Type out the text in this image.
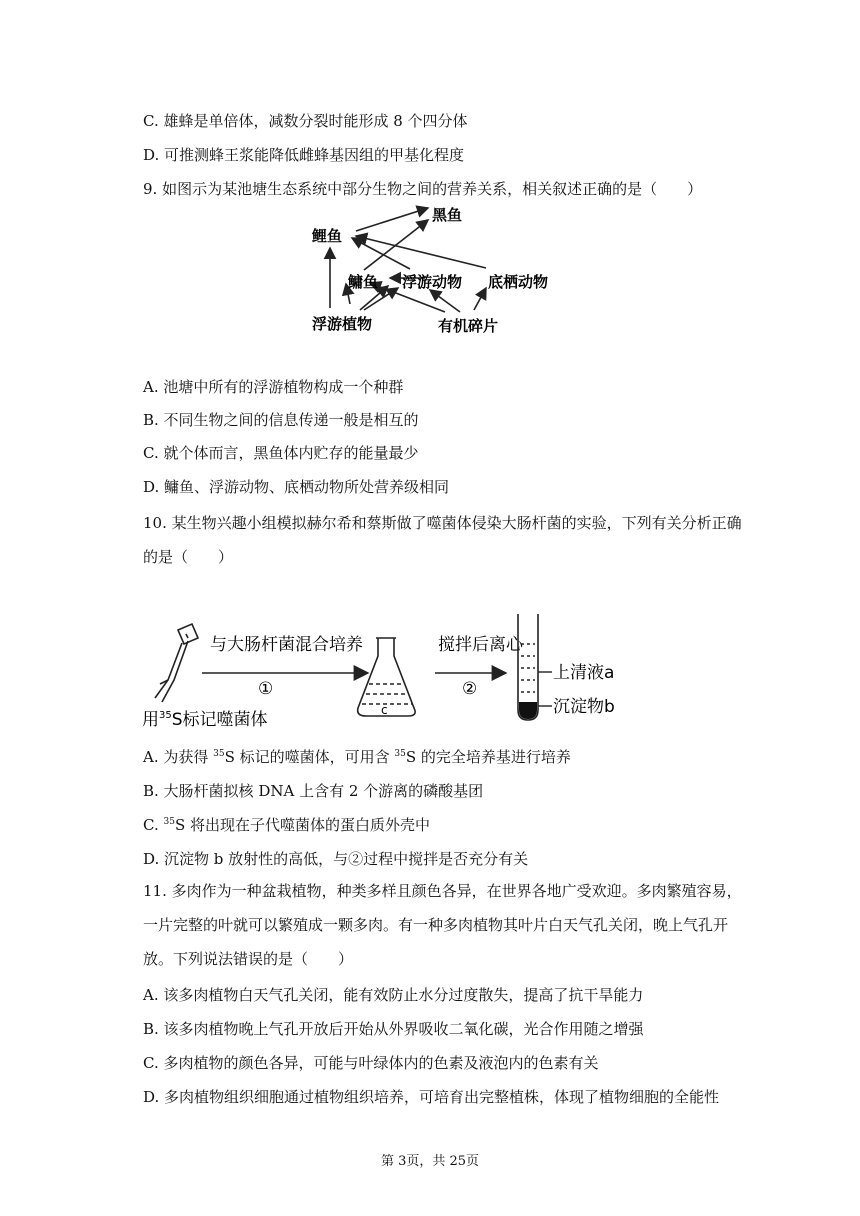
C. 雄蜂是单倍体，减数分裂时能形成 8 个四分体
D. 可推测蜂王浆能降低雌蜂基因组的甲基化程度
9. 如图示为某池塘生态系统中部分生物之间的营养关系，相关叙述正确的是（　　）
黑鱼
鲤鱼
鳙鱼 浮游动物 底栖动物
浮游植物	有机碎片
A. 池塘中所有的浮游植物构成一个种群
B. 不同生物之间的信息传递一般是相互的
C. 就个体而言，黑鱼体内贮存的能量最少
D. 鳙鱼、浮游动物、底栖动物所处营养级相同
10. 某生物兴趣小组模拟赫尔希和蔡斯做了噬菌体侵染大肠杆菌的实验，下列有关分析正确的是（　　）
与大肠杆菌混合培养
①
c
搅拌后离心
②
上清液a
沉淀物b
用$^{35}$S标记噬菌体
A. 为获得 $^{35}$S 标记的噬菌体，可用含 $^{35}$S 的完全培养基进行培养
B. 大肠杆菌拟核 DNA 上含有 2 个游离的磷酸基团
C. $^{35}$S 将出现在子代噬菌体的蛋白质外壳中
D. 沉淀物 b 放射性的高低，与②过程中搅拌是否充分有关
11. 多肉作为一种盆栽植物，种类多样且颜色各异，在世界各地广受欢迎。多肉繁殖容易，一片完整的叶就可以繁殖成一颗多肉。有一种多肉植物其叶片白天气孔关闭，晚上气孔开放。下列说法错误的是（　　）
A. 该多肉植物白天气孔关闭，能有效防止水分过度散失，提高了抗干旱能力
B. 该多肉植物晚上气孔开放后开始从外界吸收二氧化碳，光合作用随之增强
C. 多肉植物的颜色各异，可能与叶绿体内的色素及液泡内的色素有关
D. 多肉植物组织细胞通过植物组织培养，可培育出完整植株，体现了植物细胞的全能性
第 3页，共 25页
